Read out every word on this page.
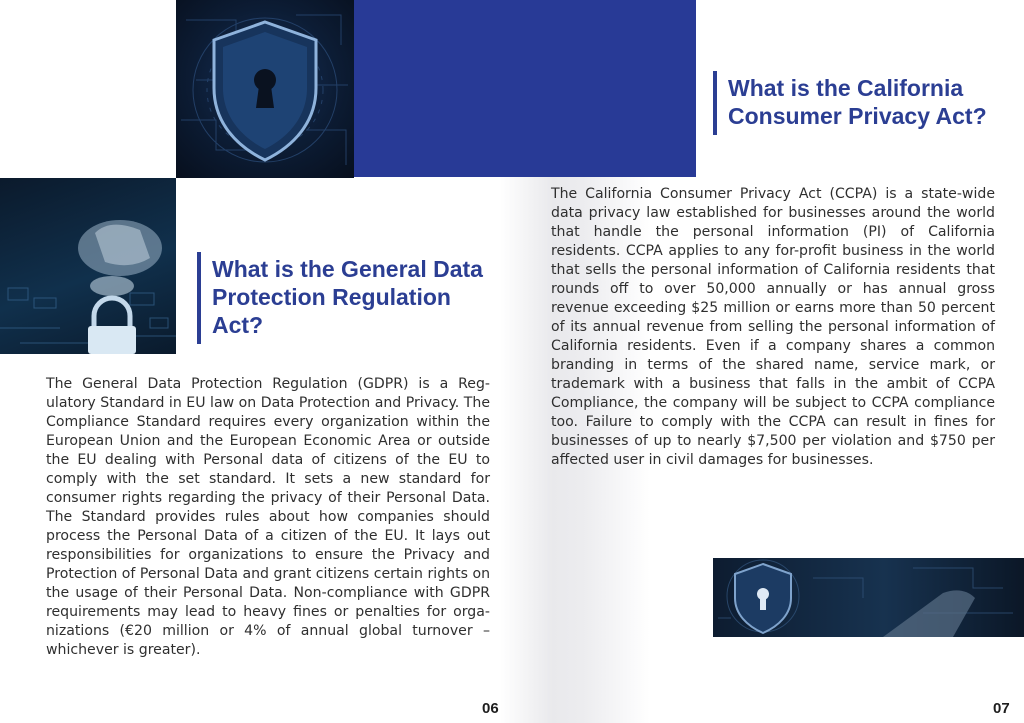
What is the California Consumer Privacy Act?

The California Consumer Privacy Act (CCPA) is a state-wide data privacy law established for businesses around the world that handle the personal information (PI) of California residents. CCPA applies to any for-profit business in the world that sells the personal information of California residents that rounds off to over 50,000 annually or has annual gross revenue exceeding $25 million or earns more than 50 percent of its annual revenue from selling the personal information of California residents. Even if a company shares a common branding in terms of the shared name, service mark, or trademark with a business that falls in the ambit of CCPA Compliance, the company will be subject to CCPA compliance too. Failure to comply with the CCPA can result in fines for businesses of up to nearly $7,500 per violation and $750 per affected user in civil damages for businesses.

What is the General Data Protection Regulation Act?

The General Data Protection Regulation (GDPR) is a Regulatory Standard in EU law on Data Protection and Privacy. The Compliance Standard requires every organization within the European Union and the European Economic Area or outside the EU dealing with Personal data of citizens of the EU to comply with the set standard. It sets a new standard for consumer rights regarding the privacy of their Personal Data. The Standard provides rules about how companies should process the Personal Data of a citizen of the EU. It lays out responsibilities for organizations to ensure the Privacy and Protection of Personal Data and grant citizens certain rights on the usage of their Personal Data. Non-compliance with GDPR requirements may lead to heavy fines or penalties for organizations (€20 million or 4% of annual global turnover – whichever is greater).

06	07
